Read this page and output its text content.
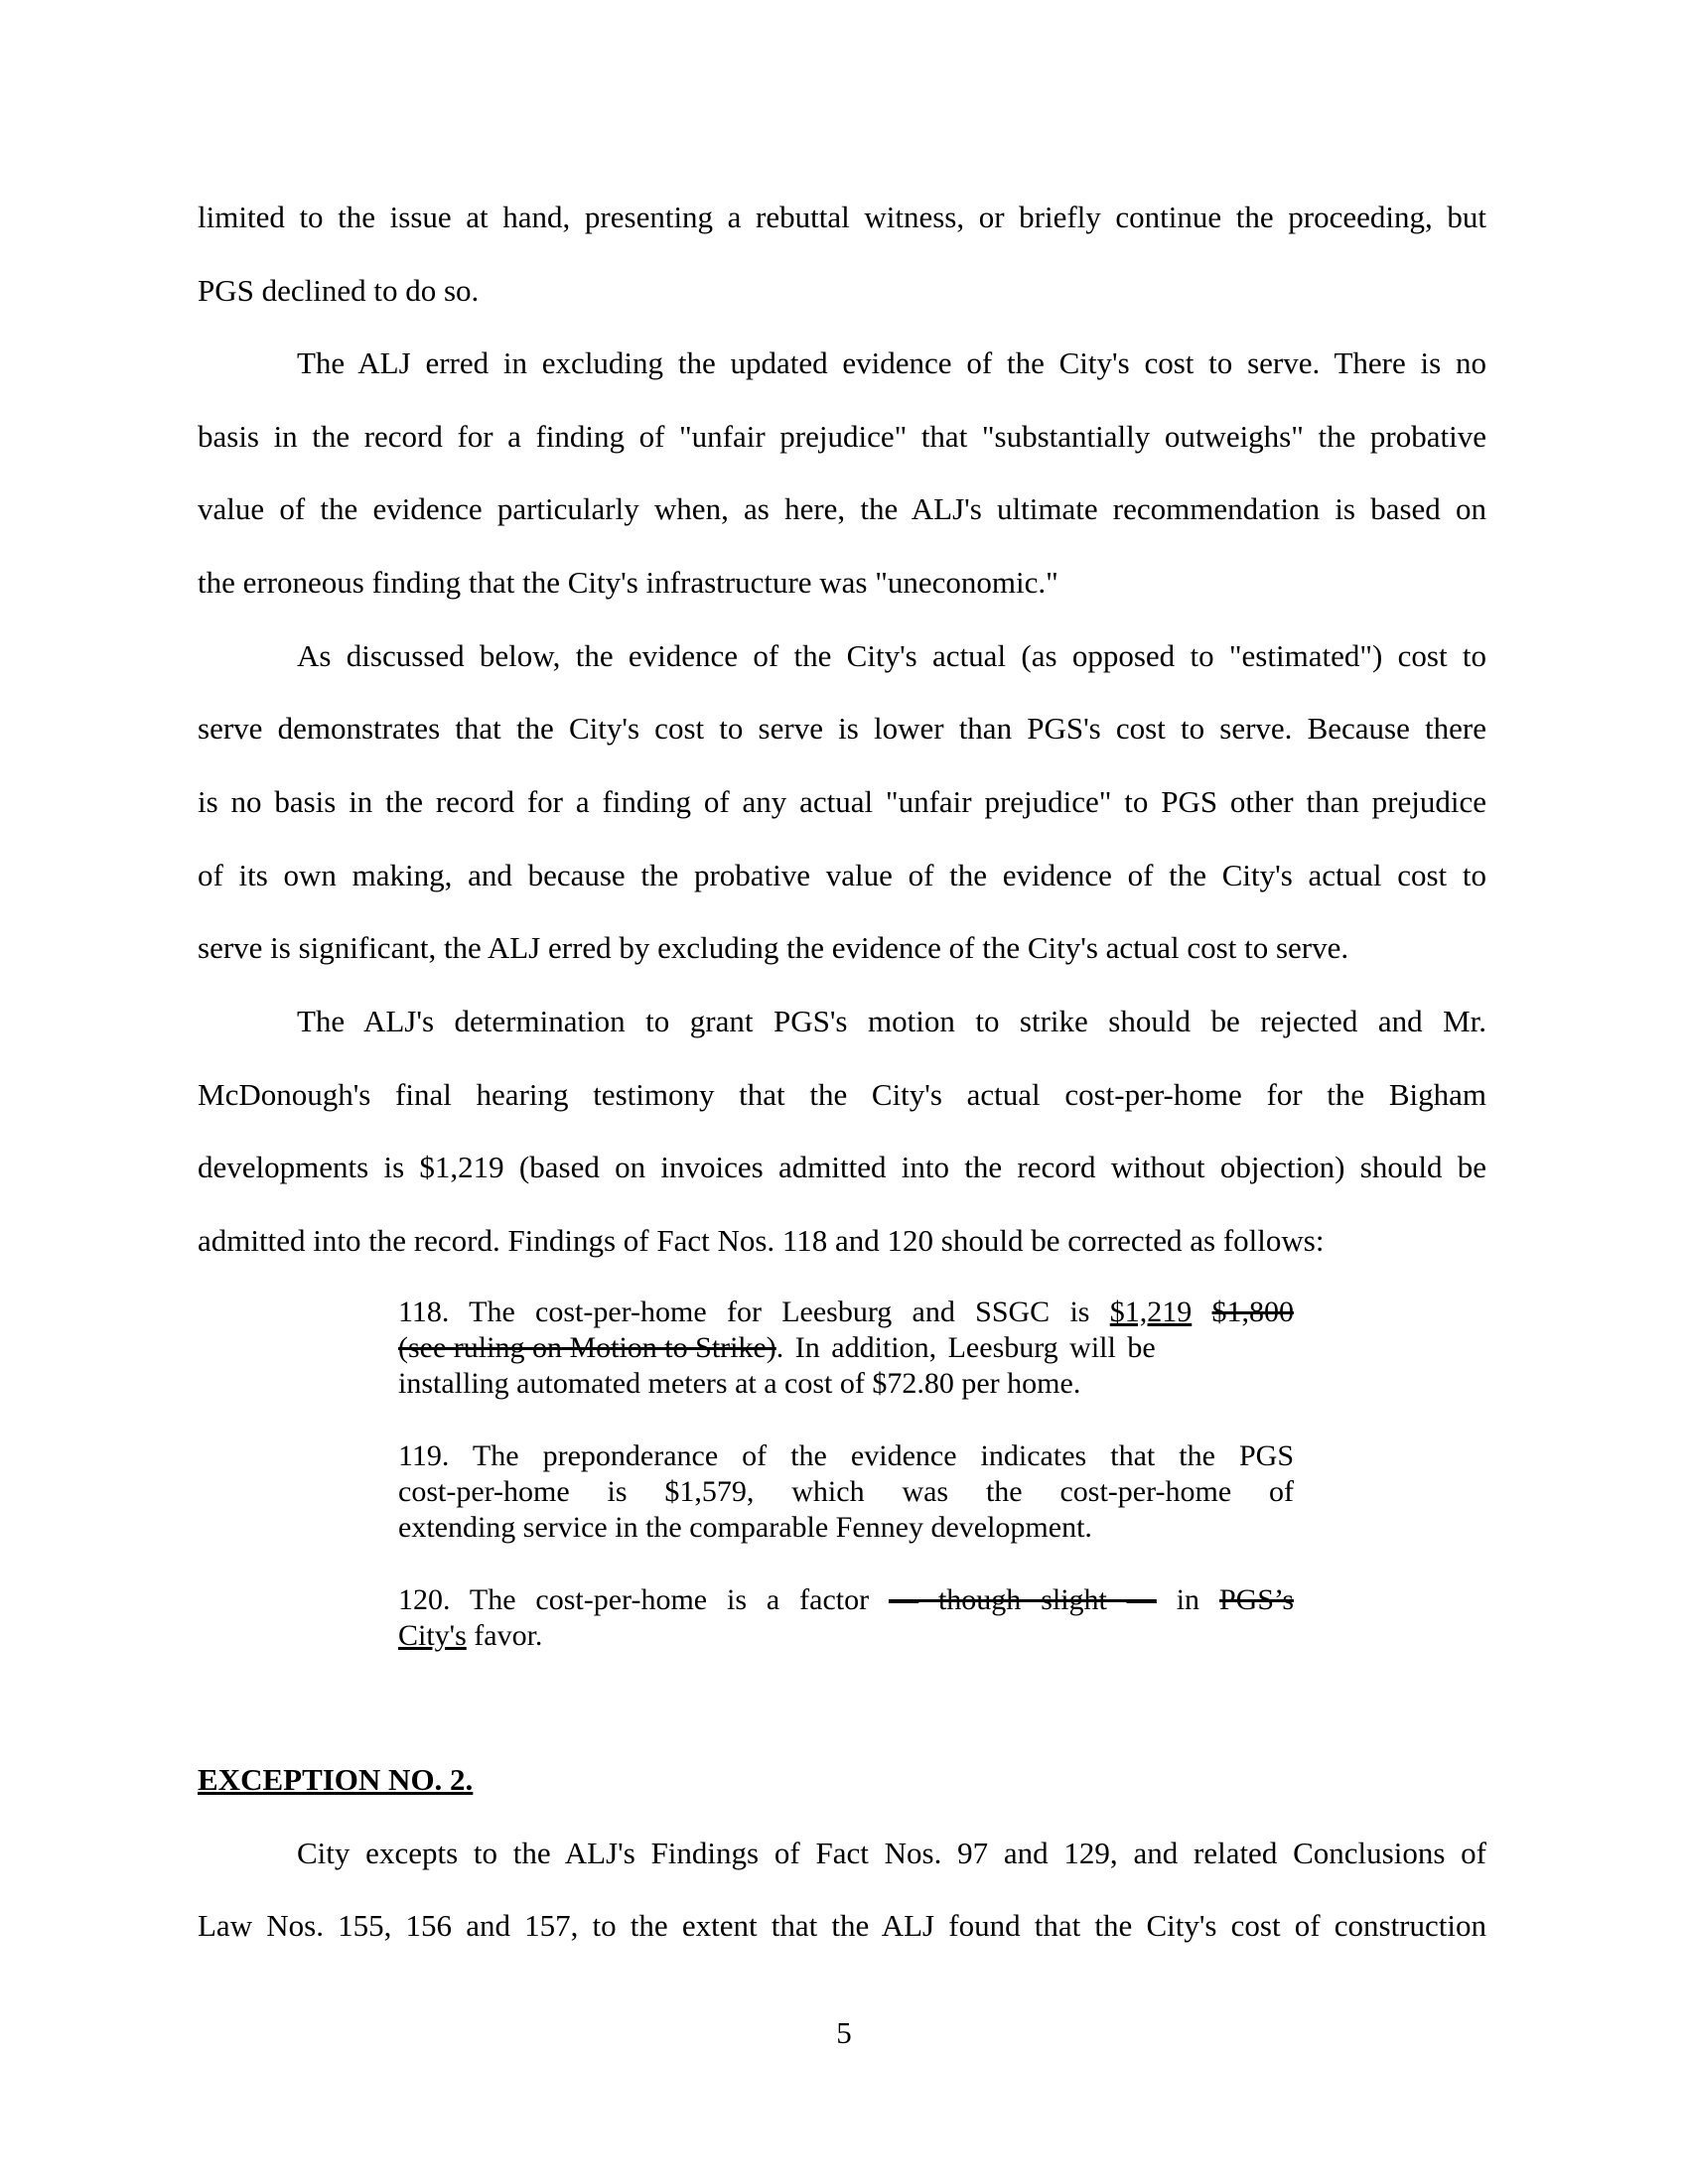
limited to the issue at hand, presenting a rebuttal witness, or briefly continue the proceeding, but
PGS declined to do so.
The ALJ erred in excluding the updated evidence of the City's cost to serve. There is no
basis in the record for a finding of "unfair prejudice" that "substantially outweighs" the probative
value of the evidence particularly when, as here, the ALJ's ultimate recommendation is based on
the erroneous finding that the City's infrastructure was "uneconomic."
As discussed below, the evidence of the City's actual (as opposed to "estimated") cost to
serve demonstrates that the City's cost to serve is lower than PGS's cost to serve. Because there
is no basis in the record for a finding of any actual "unfair prejudice" to PGS other than prejudice
of its own making, and because the probative value of the evidence of the City's actual cost to
serve is significant, the ALJ erred by excluding the evidence of the City's actual cost to serve.
The ALJ's determination to grant PGS's motion to strike should be rejected and Mr.
McDonough's final hearing testimony that the City's actual cost-per-home for the Bigham
developments is $1,219 (based on invoices admitted into the record without objection) should be
admitted into the record. Findings of Fact Nos. 118 and 120 should be corrected as follows:
118. The cost-per-home for Leesburg and SSGC is $1,219 $1,800
(see ruling on Motion to Strike). In addition, Leesburg will be
installing automated meters at a cost of $72.80 per home.
119. The preponderance of the evidence indicates that the PGS
cost-per-home is $1,579, which was the cost-per-home of
extending service in the comparable Fenney development.
120. The cost-per-home is a factor — though slight — in PGS’s
City's favor.
EXCEPTION NO. 2.
City excepts to the ALJ's Findings of Fact Nos. 97 and 129, and related Conclusions of
Law Nos. 155, 156 and 157, to the extent that the ALJ found that the City's cost of construction
5
